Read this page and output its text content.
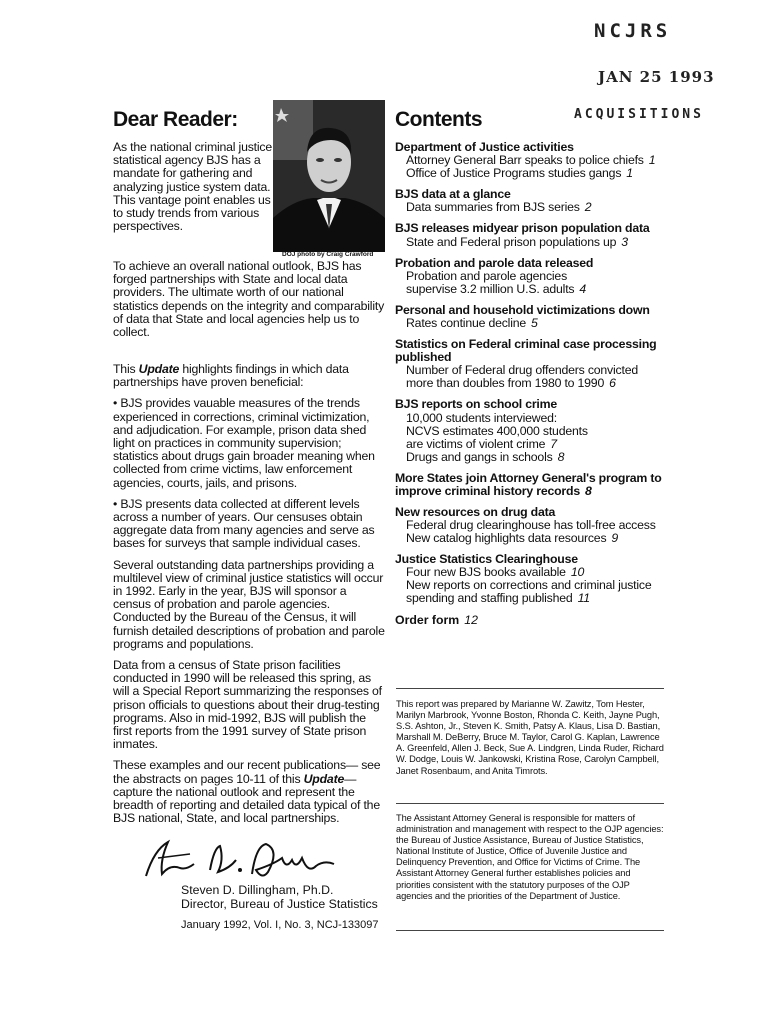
NCJRS
JAN 25 1993
ACQUISITIONS
Dear Reader:
DOJ photo by Craig Crawford
As the national criminal justice statistical agency BJS has a mandate for gathering and analyzing justice system data. This vantage point enables us to study trends from various perspectives.
To achieve an overall national outlook, BJS has forged partnerships with State and local data providers. The ultimate worth of our national statistics depends on the integrity and comparability of data that State and local agencies help us to collect.

This Update highlights findings in which data partnerships have proven beneficial:

• BJS provides vauable measures of the trends experienced in corrections, criminal victimization, and adjudication. For example, prison data shed light on practices in community supervision; statistics about drugs gain broader meaning when collected from crime victims, law enforcement agencies, courts, jails, and prisons.

• BJS presents data collected at different levels across a number of years. Our censuses obtain aggregate data from many agencies and serve as bases for surveys that sample individual cases.

Several outstanding data partnerships providing a multilevel view of criminal justice statistics will occur in 1992. Early in the year, BJS will sponsor a census of probation and parole agencies. Conducted by the Bureau of the Census, it will furnish detailed descriptions of probation and parole programs and populations.

Data from a census of State prison facilities conducted in 1990 will be released this spring, as will a Special Report summarizing the responses of prison officials to questions about their drug-testing programs. Also in mid-1992, BJS will publish the first reports from the 1991 survey of State prison inmates.

These examples and our recent publications— see the abstracts on pages 10-11 of this Update— capture the national outlook and represent the breadth of reporting and detailed data typical of the BJS national, State, and local partnerships.

Steven D. Dillingham, Ph.D.
Director, Bureau of Justice Statistics
January 1992, Vol. I, No. 3, NCJ-133097
Contents
Department of Justice activities
Attorney General Barr speaks to police chiefs 1
Office of Justice Programs studies gangs 1
BJS data at a glance
Data summaries from BJS series 2
BJS releases midyear prison population data
State and Federal prison populations up 3
Probation and parole data released
Probation and parole agencies
supervise 3.2 million U.S. adults 4
Personal and household victimizations down
Rates continue decline 5
Statistics on Federal criminal case processing published
Number of Federal drug offenders convicted
more than doubles from 1980 to 1990 6
BJS reports on school crime
10,000 students interviewed:
NCVS estimates 400,000 students
are victims of violent crime 7
Drugs and gangs in schools 8
More States join Attorney General's program to improve criminal history records 8
New resources on drug data
Federal drug clearinghouse has toll-free access
New catalog highlights data resources 9
Justice Statistics Clearinghouse
Four new BJS books available 10
New reports on corrections and criminal justice
spending and staffing published 11
Order form 12
This report was prepared by Marianne W. Zawitz, Tom Hester, Marilyn Marbrook, Yvonne Boston, Rhonda C. Keith, Jayne Pugh, S.S. Ashton, Jr., Steven K. Smith, Patsy A. Klaus, Lisa D. Bastian, Marshall M. DeBerry, Bruce M. Taylor, Carol G. Kaplan, Lawrence A. Greenfeld, Allen J. Beck, Sue A. Lindgren, Linda Ruder, Richard W. Dodge, Louis W. Jankowski, Kristina Rose, Carolyn Campbell, Janet Rosenbaum, and Anita Timrots.
The Assistant Attorney General is responsible for matters of administration and management with respect to the OJP agencies: the Bureau of Justice Assistance, Bureau of Justice Statistics, National Institute of Justice, Office of Juvenile Justice and Delinquency Prevention, and Office for Victims of Crime. The Assistant Attorney General further establishes policies and priorities consistent with the statutory purposes of the OJP agencies and the priorities of the Department of Justice.
